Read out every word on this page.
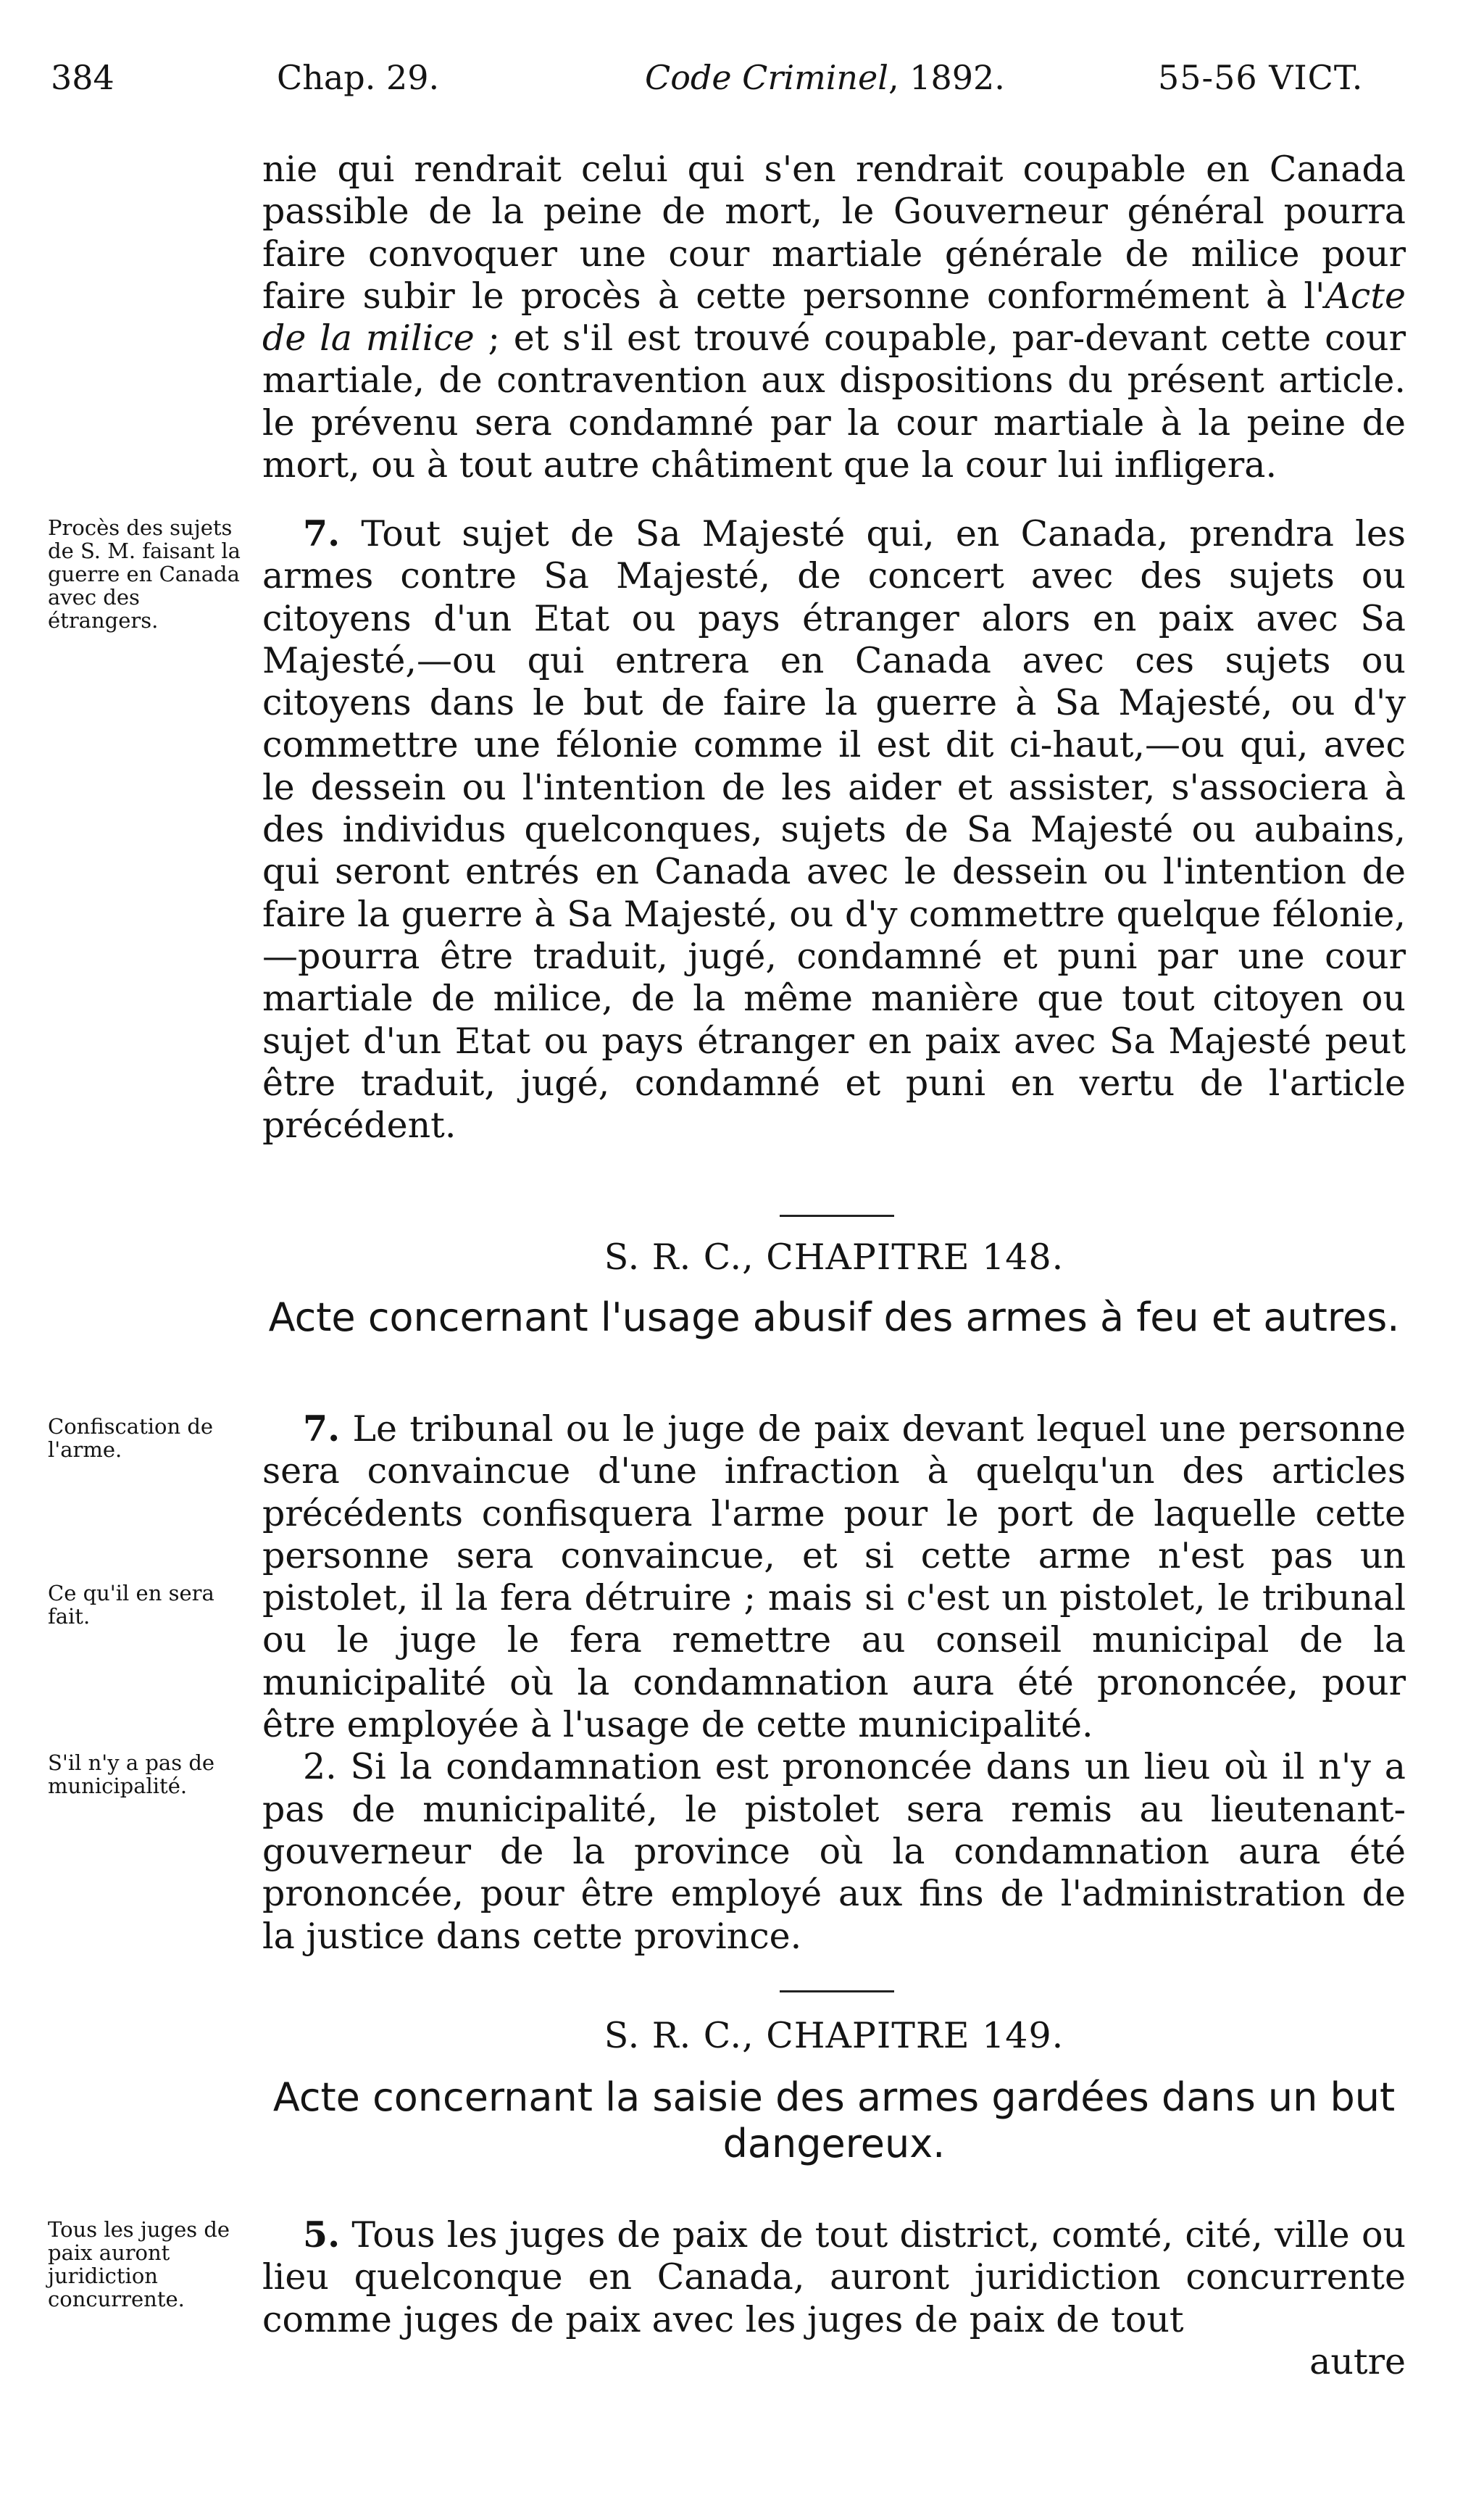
384	Chap. 29.	Code Criminel, 1892.	55-56 VICT.

nie qui rendrait celui qui s'en rendrait coupable en Canada passible de la peine de mort, le Gouverneur général pourra faire convoquer une cour martiale générale de milice pour faire subir le procès à cette personne conformément à l'Acte de la milice ; et s'il est trouvé coupable, par-devant cette cour martiale, de contravention aux dispositions du présent article. le prévenu sera condamné par la cour martiale à la peine de mort, ou à tout autre châtiment que la cour lui infligera.

Procès des sujets de S. M. faisant la guerre en Canada avec des étrangers.

7. Tout sujet de Sa Majesté qui, en Canada, prendra les armes contre Sa Majesté, de concert avec des sujets ou citoyens d'un Etat ou pays étranger alors en paix avec Sa Majesté,—ou qui entrera en Canada avec ces sujets ou citoyens dans le but de faire la guerre à Sa Majesté, ou d'y commettre une félonie comme il est dit ci-haut,—ou qui, avec le dessein ou l'intention de les aider et assister, s'associera à des individus quelconques, sujets de Sa Majesté ou aubains, qui seront entrés en Canada avec le dessein ou l'intention de faire la guerre à Sa Majesté, ou d'y commettre quelque félonie,—pourra être traduit, jugé, condamné et puni par une cour martiale de milice, de la même manière que tout citoyen ou sujet d'un Etat ou pays étranger en paix avec Sa Majesté peut être traduit, jugé, condamné et puni en vertu de l'article précédent.

S. R. C., CHAPITRE 148.
Acte concernant l'usage abusif des armes à feu et autres.
Confiscation de l'arme.
Ce qu'il en sera fait.
S'il n'y a pas de municipalité.

7. Le tribunal ou le juge de paix devant lequel une personne sera convaincue d'une infraction à quelqu'un des articles précédents confisquera l'arme pour le port de laquelle cette personne sera convaincue, et si cette arme n'est pas un pistolet, il la fera détruire ; mais si c'est un pistolet, le tribunal ou le juge le fera remettre au conseil municipal de la municipalité où la condamnation aura été prononcée, pour être employée à l'usage de cette municipalité.

2. Si la condamnation est prononcée dans un lieu où il n'y a pas de municipalité, le pistolet sera remis au lieutenant-gouverneur de la province où la condamnation aura été prononcée, pour être employé aux fins de l'administration de la justice dans cette province.

S. R. C., CHAPITRE 149.
Acte concernant la saisie des armes gardées dans un but dangereux.
Tous les juges de paix auront juridiction concurrente.

5. Tous les juges de paix de tout district, comté, cité, ville ou lieu quelconque en Canada, auront juridiction concurrente comme juges de paix avec les juges de paix de tout

autre
